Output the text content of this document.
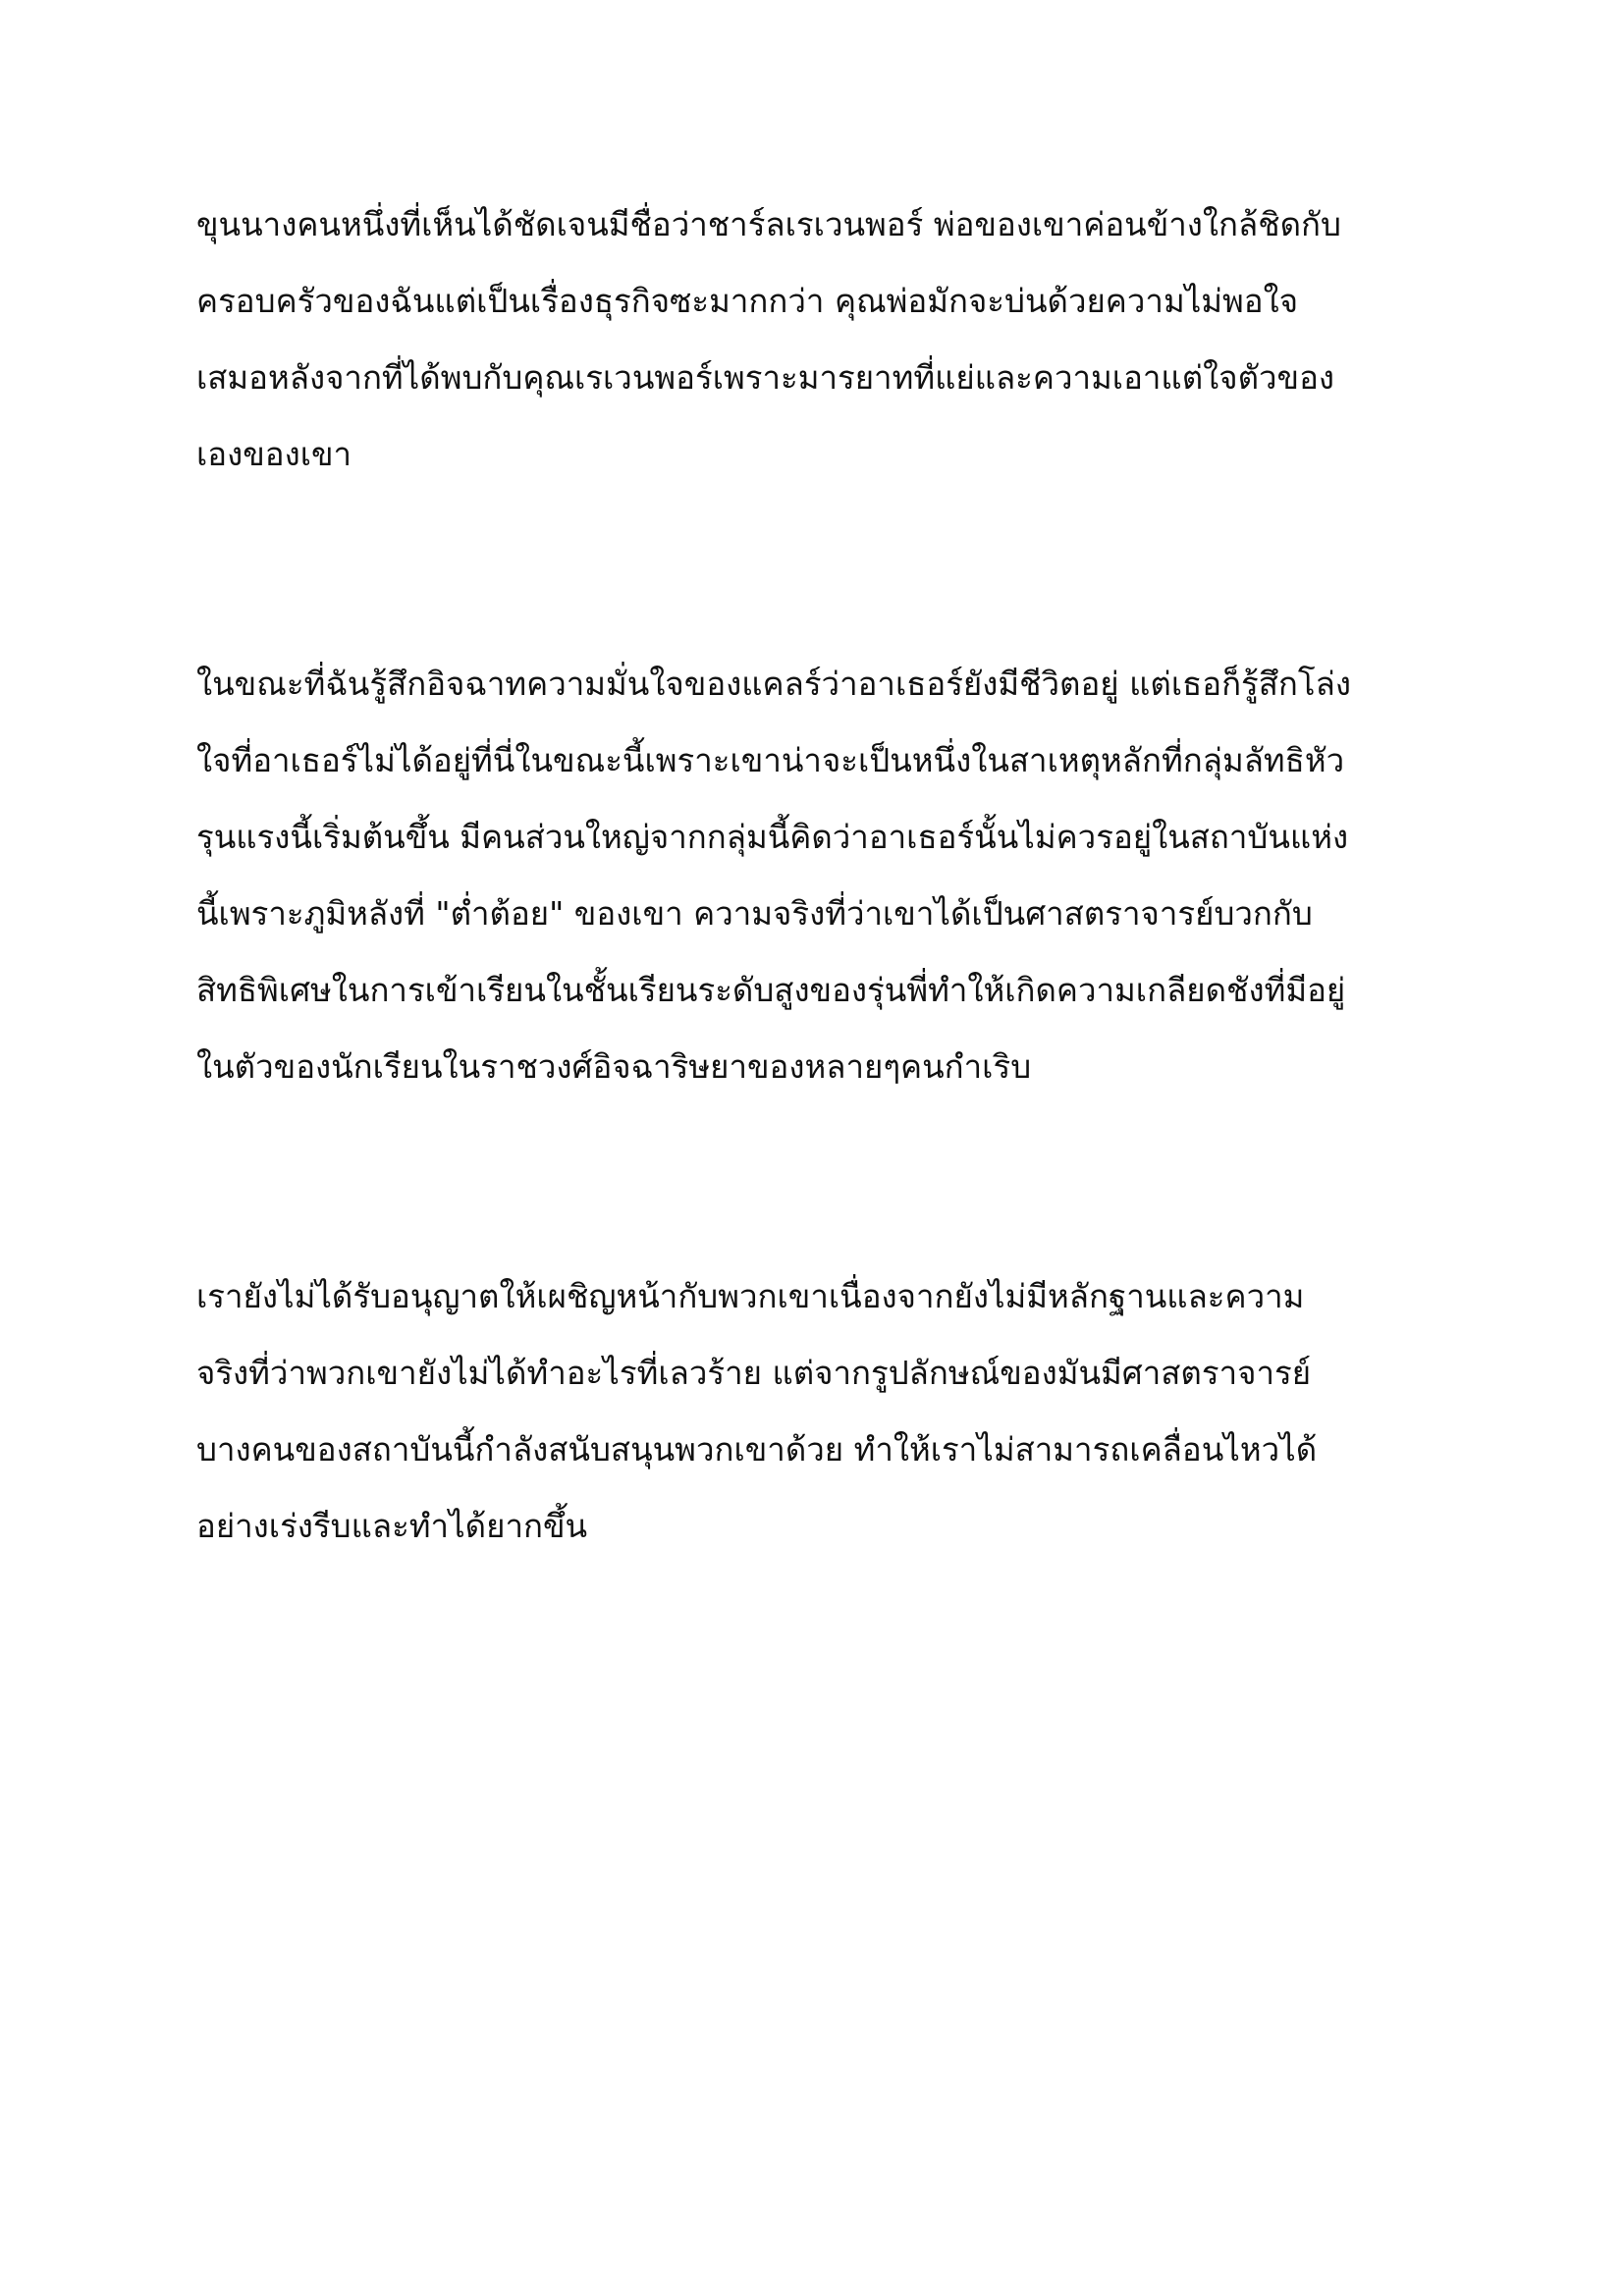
ขุนนางคนหนึ่งที่เห็นได้ชัดเจนมีชื่อว่าชาร์ลเรเวนพอร์ พ่อของเขาค่อนข้างใกล้ชิดกับ
ครอบครัวของฉันแต่เป็นเรื่องธุรกิจซะมากกว่า คุณพ่อมักจะบ่นด้วยความไม่พอใจ
เสมอหลังจากที่ได้พบกับคุณเรเวนพอร์เพราะมารยาทที่แย่และความเอาแต่ใจตัวของ
เองของเขา

ในขณะที่ฉันรู้สึกอิจฉาทความมั่นใจของแคลร์ว่าอาเธอร์ยังมีชีวิตอยู่ แต่เธอก็รู้สึกโล่ง
ใจที่อาเธอร์ไม่ได้อยู่ที่นี่ในขณะนี้เพราะเขาน่าจะเป็นหนึ่งในสาเหตุหลักที่กลุ่มลัทธิหัว
รุนแรงนี้เริ่มต้นขึ้น มีคนส่วนใหญ่จากกลุ่มนี้คิดว่าอาเธอร์นั้นไม่ควรอยู่ในสถาบันแห่ง
นี้เพราะภูมิหลังที่ "ต่ำต้อย" ของเขา ความจริงที่ว่าเขาได้เป็นศาสตราจารย์บวกกับ
สิทธิพิเศษในการเข้าเรียนในชั้นเรียนระดับสูงของรุ่นพี่ทำให้เกิดความเกลียดชังที่มีอยู่
ในตัวของนักเรียนในราชวงศ์อิจฉาริษยาของหลายๆคนกำเริบ

เรายังไม่ได้รับอนุญาตให้เผชิญหน้ากับพวกเขาเนื่องจากยังไม่มีหลักฐานและความ
จริงที่ว่าพวกเขายังไม่ได้ทำอะไรที่เลวร้าย แต่จากรูปลักษณ์ของมันมีศาสตราจารย์
บางคนของสถาบันนี้กำลังสนับสนุนพวกเขาด้วย ทำให้เราไม่สามารถเคลื่อนไหวได้
อย่างเร่งรีบและทำได้ยากขึ้น
